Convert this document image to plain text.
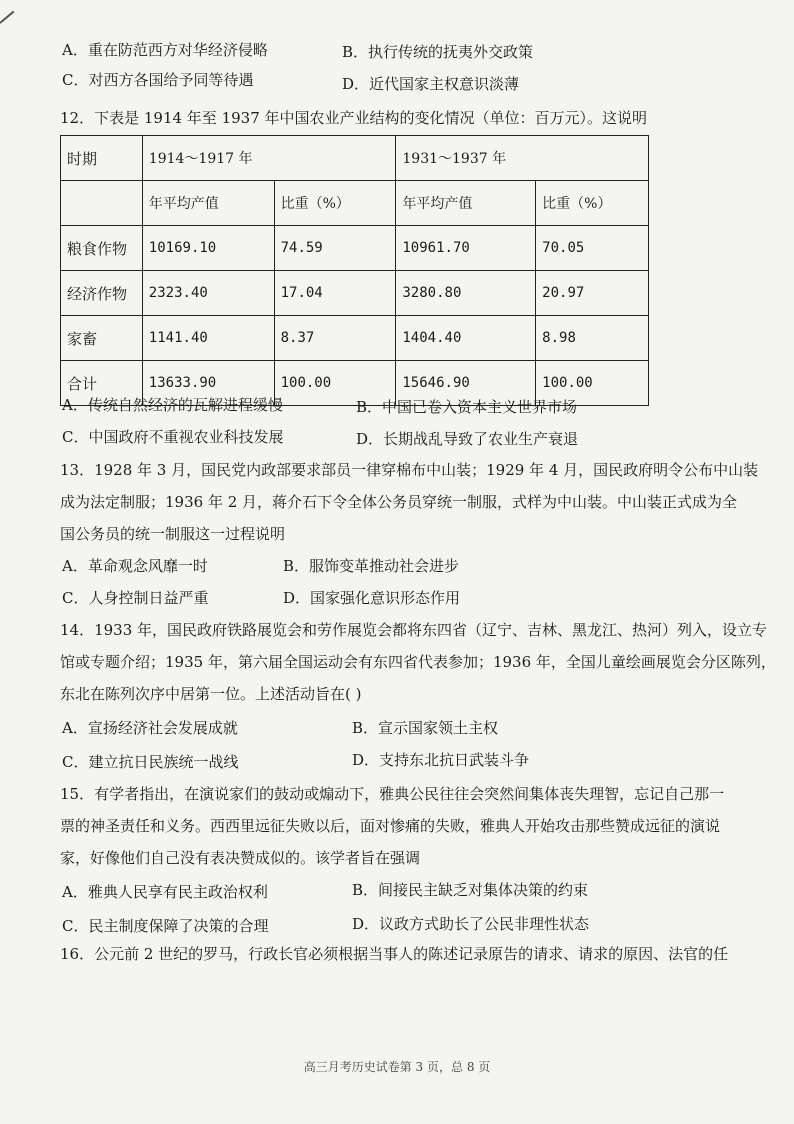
A．重在防范西方对华经济侵略	B．执行传统的抚夷外交政策
C．对西方各国给予同等待遇	D．近代国家主权意识淡薄
12．下表是 1914 年至 1937 年中国农业产业结构的变化情况（单位：百万元）。这说明
时期	1914～1917 年		1931～1937 年	
	年平均产值	比重（%）	年平均产值	比重（%）
粮食作物	10169.10	74.59	10961.70	70.05
经济作物	2323.40	17.04	3280.80	20.97
家畜	1141.40	8.37	1404.40	8.98
合计	13633.90	100.00	15646.90	100.00
A．传统自然经济的瓦解进程缓慢	B．中国已卷入资本主义世界市场
C．中国政府不重视农业科技发展	D．长期战乱导致了农业生产衰退
13．1928 年 3 月，国民党内政部要求部员一律穿棉布中山装；1929 年 4 月，国民政府明令公布中山装
成为法定制服；1936 年 2 月，蒋介石下令全体公务员穿统一制服，式样为中山装。中山装正式成为全
国公务员的统一制服这一过程说明
A．革命观念风靡一时	B．服饰变革推动社会进步
C．人身控制日益严重	D．国家强化意识形态作用
14．1933 年，国民政府铁路展览会和劳作展览会都将东四省（辽宁、吉林、黑龙江、热河）列入，设立专
馆或专题介绍；1935 年，第六届全国运动会有东四省代表参加；1936 年，全国儿童绘画展览会分区陈列，
东北在陈列次序中居第一位。上述活动旨在( )
A．宣扬经济社会发展成就	B．宣示国家领土主权
C．建立抗日民族统一战线	D．支持东北抗日武装斗争
15．有学者指出，在演说家们的鼓动或煽动下，雅典公民往往会突然间集体丧失理智，忘记自己那一
票的神圣责任和义务。西西里远征失败以后，面对惨痛的失败，雅典人开始攻击那些赞成远征的演说
家，好像他们自己没有表决赞成似的。该学者旨在强调
A．雅典人民享有民主政治权利	B．间接民主缺乏对集体决策的约束
C．民主制度保障了决策的合理	D．议政方式助长了公民非理性状态
16．公元前 2 世纪的罗马，行政长官必须根据当事人的陈述记录原告的请求、请求的原因、法官的任
高三月考历史试卷第 3 页，总 8 页
